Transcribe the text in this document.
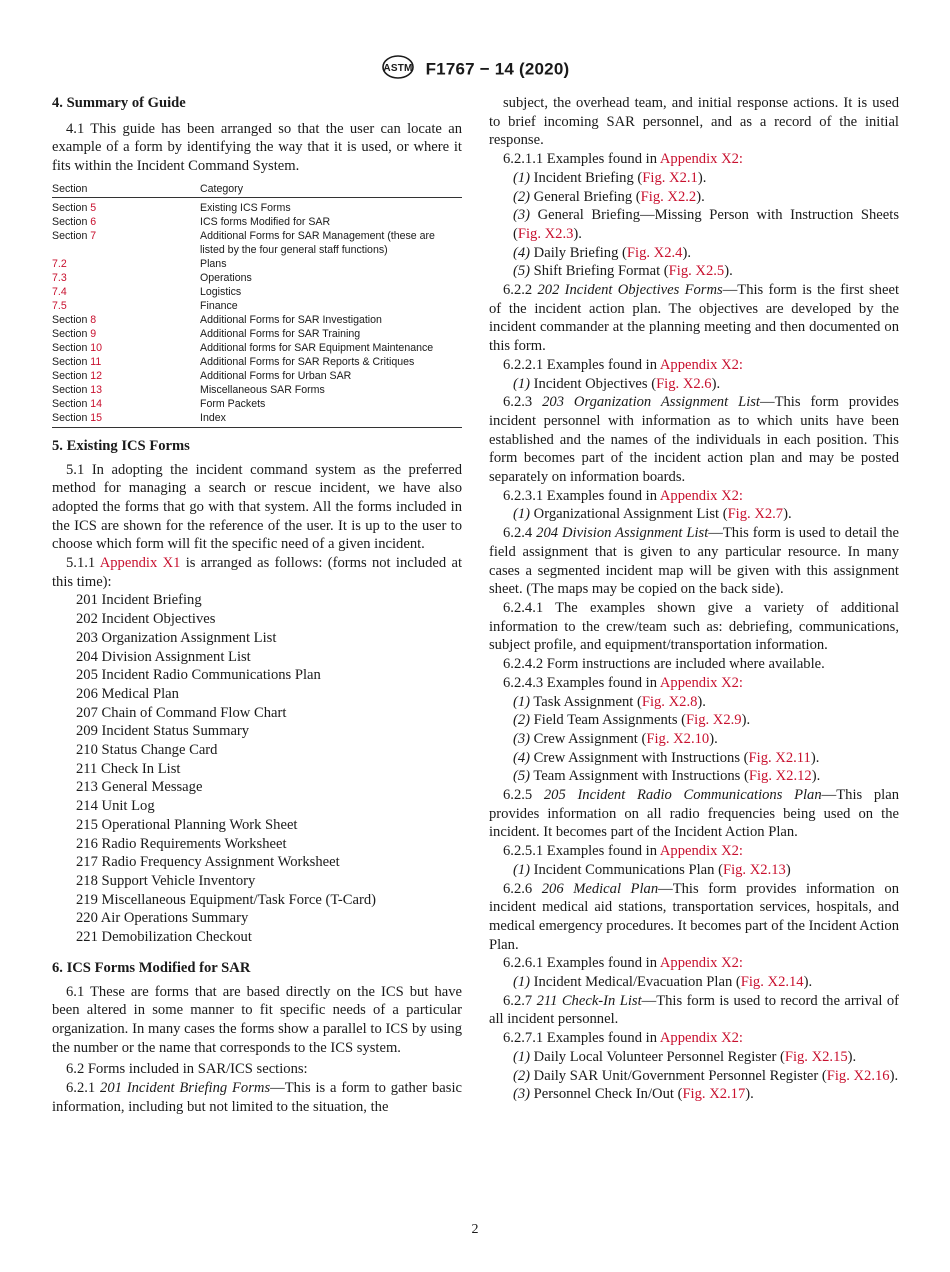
ASTM F1767 − 14 (2020)
4. Summary of Guide

4.1 This guide has been arranged so that the user can locate an example of a form by identifying the way that it is used, or where it fits within the Incident Command System.

Section	Category
Section 5	Existing ICS Forms
Section 6	ICS forms Modified for SAR
Section 7	Additional Forms for SAR Management (these are listed by the four general staff functions)
7.2	Plans
7.3	Operations
7.4	Logistics
7.5	Finance
Section 8	Additional Forms for SAR Investigation
Section 9	Additional Forms for SAR Training
Section 10	Additional forms for SAR Equipment Maintenance
Section 11	Additional Forms for SAR Reports & Critiques
Section 12	Additional Forms for Urban SAR
Section 13	Miscellaneous SAR Forms
Section 14	Form Packets
Section 15	Index
5. Existing ICS Forms

5.1 In adopting the incident command system as the preferred method for managing a search or rescue incident, we have also adopted the forms that go with that system. All the forms included in the ICS are shown for the reference of the user. It is up to the user to choose which form will fit the specific need of a given incident.

5.1.1 Appendix X1 is arranged as follows: (forms not included at this time):

201 Incident Briefing
202 Incident Objectives
203 Organization Assignment List
204 Division Assignment List
205 Incident Radio Communications Plan
206 Medical Plan
207 Chain of Command Flow Chart
209 Incident Status Summary
210 Status Change Card
211 Check In List
213 General Message
214 Unit Log
215 Operational Planning Work Sheet
216 Radio Requirements Worksheet
217 Radio Frequency Assignment Worksheet
218 Support Vehicle Inventory
219 Miscellaneous Equipment/Task Force (T-Card)
220 Air Operations Summary
221 Demobilization Checkout
6. ICS Forms Modified for SAR

6.1 These are forms that are based directly on the ICS but have been altered in some manner to fit specific needs of a particular organization. In many cases the forms show a parallel to ICS by using the number or the name that corresponds to the ICS system.

6.2 Forms included in SAR/ICS sections:

6.2.1 201 Incident Briefing Forms—This is a form to gather basic information, including but not limited to the situation, the

subject, the overhead team, and initial response actions. It is used to brief incoming SAR personnel, and as a record of the initial response.

6.2.1.1 Examples found in Appendix X2:

(1) Incident Briefing (Fig. X2.1).

(2) General Briefing (Fig. X2.2).

(3) General Briefing—Missing Person with Instruction Sheets (Fig. X2.3).

(4) Daily Briefing (Fig. X2.4).

(5) Shift Briefing Format (Fig. X2.5).

6.2.2 202 Incident Objectives Forms—This form is the first sheet of the incident action plan. The objectives are developed by the incident commander at the planning meeting and then documented on this form.

6.2.2.1 Examples found in Appendix X2:

(1) Incident Objectives (Fig. X2.6).

6.2.3 203 Organization Assignment List—This form provides incident personnel with information as to which units have been established and the names of the individuals in each position. This form becomes part of the incident action plan and may be posted separately on information boards.

6.2.3.1 Examples found in Appendix X2:

(1) Organizational Assignment List (Fig. X2.7).

6.2.4 204 Division Assignment List—This form is used to detail the field assignment that is given to any particular resource. In many cases a segmented incident map will be given with this assignment sheet. (The maps may be copied on the back side).

6.2.4.1 The examples shown give a variety of additional information to the crew/team such as: debriefing, communications, subject profile, and equipment/transportation information.

6.2.4.2 Form instructions are included where available.

6.2.4.3 Examples found in Appendix X2:

(1) Task Assignment (Fig. X2.8).

(2) Field Team Assignments (Fig. X2.9).

(3) Crew Assignment (Fig. X2.10).

(4) Crew Assignment with Instructions (Fig. X2.11).

(5) Team Assignment with Instructions (Fig. X2.12).

6.2.5 205 Incident Radio Communications Plan—This plan provides information on all radio frequencies being used on the incident. It becomes part of the Incident Action Plan.

6.2.5.1 Examples found in Appendix X2:

(1) Incident Communications Plan (Fig. X2.13)

6.2.6 206 Medical Plan—This form provides information on incident medical aid stations, transportation services, hospitals, and medical emergency procedures. It becomes part of the Incident Action Plan.

6.2.6.1 Examples found in Appendix X2:

(1) Incident Medical/Evacuation Plan (Fig. X2.14).

6.2.7 211 Check-In List—This form is used to record the arrival of all incident personnel.

6.2.7.1 Examples found in Appendix X2:

(1) Daily Local Volunteer Personnel Register (Fig. X2.15).

(2) Daily SAR Unit/Government Personnel Register (Fig. X2.16).

(3) Personnel Check In/Out (Fig. X2.17).

2
